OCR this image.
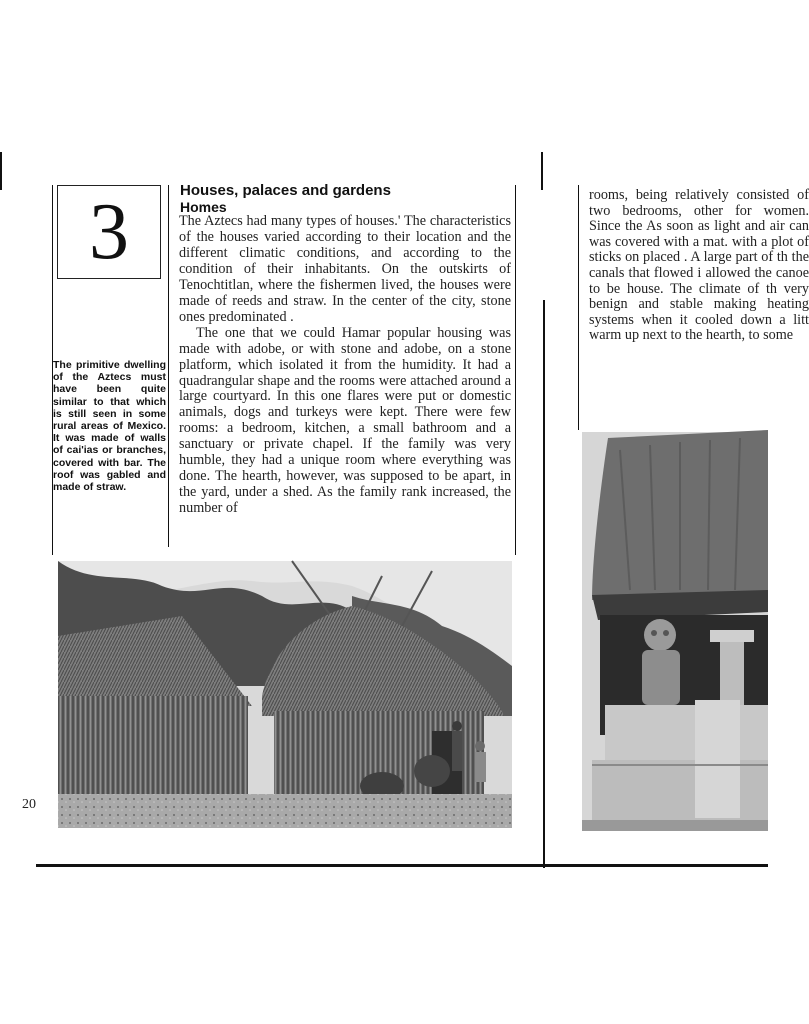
3

The primitive dwelling of the Aztecs must have been quite similar to that which is still seen in some rural areas of Mexico. It was made of walls of cai'ias or branches, covered with bar. The roof was gabled and made of straw.

Houses, palaces and gardens
Homes

The Aztecs had many types of houses.' The characteristics of the houses varied according to their location and the different climatic conditions, and according to the condition of their inhabitants. On the outskirts of Tenochtitlan, where the fishermen lived, the houses were made of reeds and straw. In the center of the city, stone ones predominated .

The one that we could Hamar popular housing was made with adobe, or with stone and adobe, on a stone platform, which isolated it from the humidity. It had a quadrangular shape and the rooms were attached around a large courtyard. In this one flares were put or domestic animals, dogs and turkeys were kept. There were few rooms: a bedroom, kitchen, a small bathroom and a sanctuary or private chapel. If the family was very humble, they had a unique room where everything was done. The hearth, however, was supposed to be apart, in the yard, under a shed. As the family rank increased, the number of

rooms, being relatively consisted of two bedrooms, other for women. Since the As soon as light and air can was covered with a mat. with a plot of sticks on placed . A large part of th the canals that flowed i allowed the canoe to be house. The climate of th very benign and stable making heating systems when it cooled down a litt warm up next to the hearth, to some

20
